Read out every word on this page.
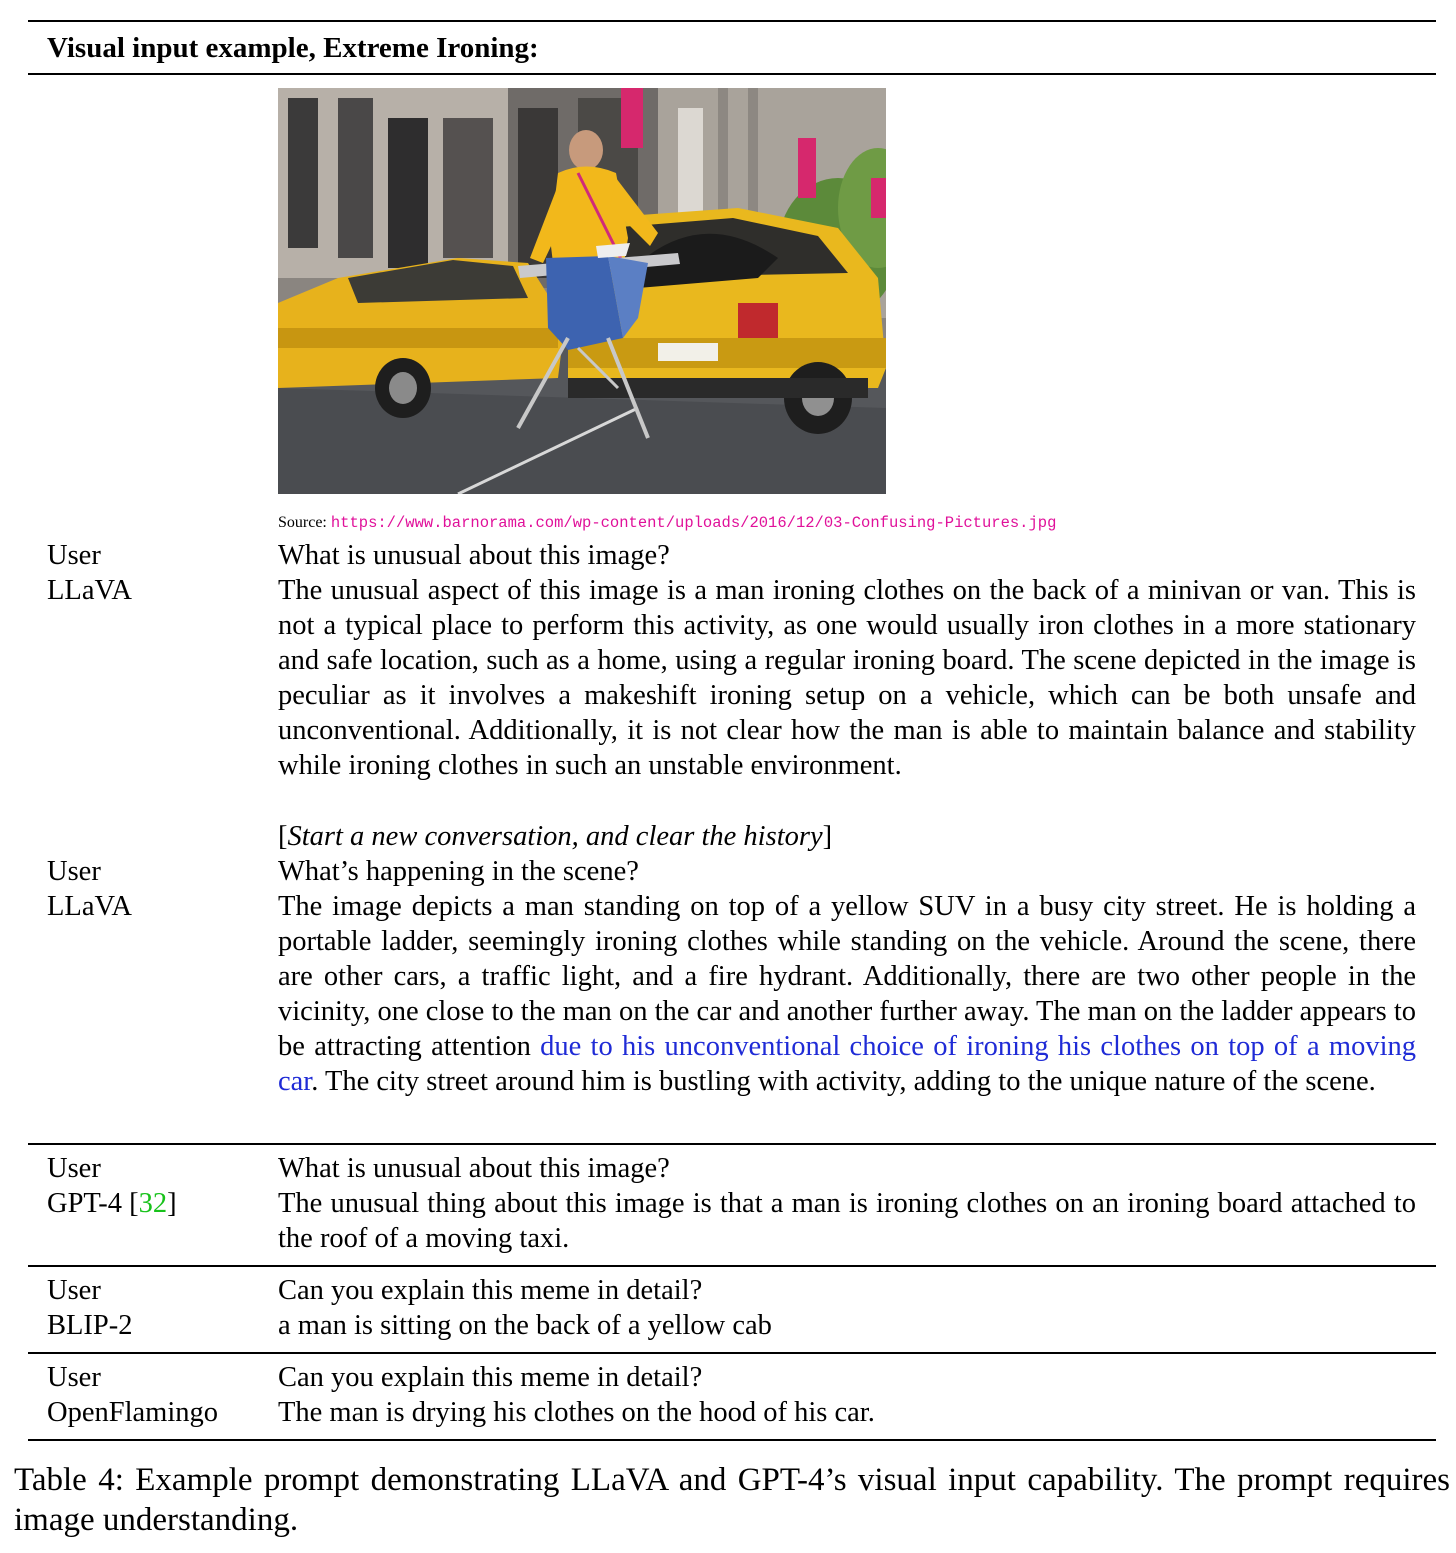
Visual input example, Extreme Ironing:
Source: https://www.barnorama.com/wp-content/uploads/2016/12/03-Confusing-Pictures.jpg
User	What is unusual about this image?
LLaVA	The unusual aspect of this image is a man ironing clothes on the back of a minivan or van. This is not a typical place to perform this activity, as one would usually iron clothes in a more stationary and safe location, such as a home, using a regular ironing board. The scene depicted in the image is peculiar as it involves a makeshift ironing setup on a vehicle, which can be both unsafe and unconventional. Additionally, it is not clear how the man is able to maintain balance and stability while ironing clothes in such an unstable environment.
[Start a new conversation, and clear the history]
User	What’s happening in the scene?
LLaVA	The image depicts a man standing on top of a yellow SUV in a busy city street. He is holding a portable ladder, seemingly ironing clothes while standing on the vehicle. Around the scene, there are other cars, a traffic light, and a fire hydrant. Additionally, there are two other people in the vicinity, one close to the man on the car and another further away. The man on the ladder appears to be attracting attention due to his unconventional choice of ironing his clothes on top of a moving car. The city street around him is bustling with activity, adding to the unique nature of the scene.
User	What is unusual about this image?
GPT-4 [32]	The unusual thing about this image is that a man is ironing clothes on an ironing board attached to the roof of a moving taxi.
User	Can you explain this meme in detail?
BLIP-2	a man is sitting on the back of a yellow cab
User	Can you explain this meme in detail?
OpenFlamingo The man is drying his clothes on the hood of his car.
Table 4: Example prompt demonstrating LLaVA and GPT-4’s visual input capability. The prompt requires image understanding.
